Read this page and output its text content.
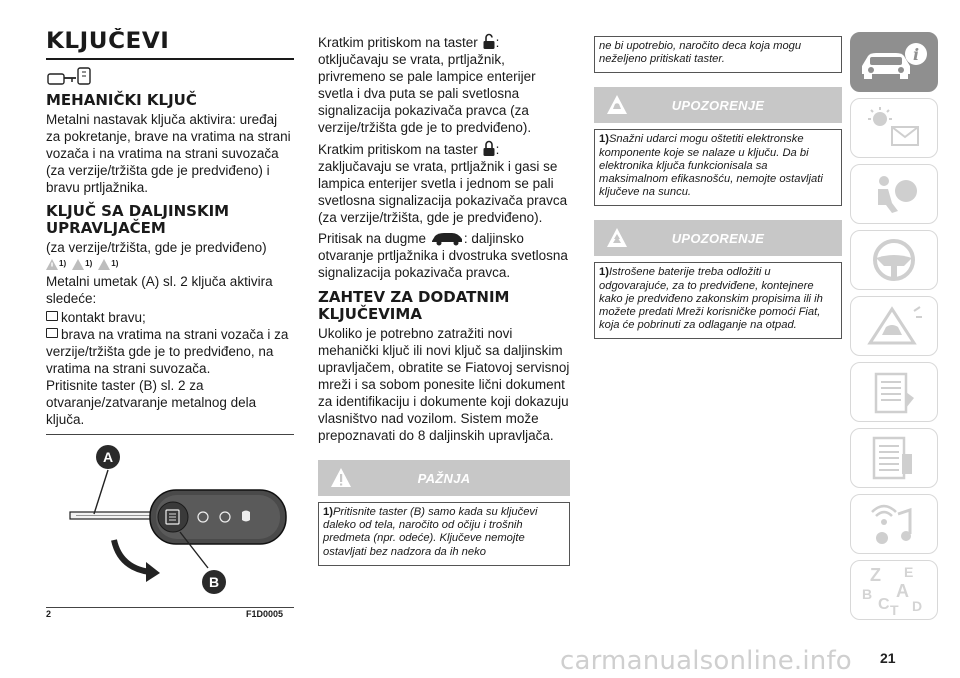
KLJUČEVI
MEHANIČKI KLJUČ

Metalni nastavak ključa aktivira: uređaj za pokretanje, brave na vratima na strani vozača i na vratima na strani suvozača (za verzije/tržišta gde je predviđeno) i bravu prtljažnika.

KLJUČ SA DALJINSKIM UPRAVLJAČEM

(za verzije/tržišta, gde je predviđeno)

1) 1) 1)

Metalni umetak (A) sl. 2 ključa aktivira sledeće:

kontakt bravu;
brava na vratima na strani vozača i za verzije/tržišta gde je to predviđeno, na vratima na strani suvozača.

Pritisnite taster (B) sl. 2 za otvaranje/zatvaranje metalnog dela ključa.

A
B
2	F1D0005

Kratkim pritiskom na taster : otključavaju se vrata, prtljažnik, privremeno se pale lampice enterijer svetla i dva puta se pali svetlosna signalizacija pokazivača pravca (za verzije/tržišta gde je to predviđeno).

Kratkim pritiskom na taster : zaključavaju se vrata, prtljažnik i gasi se lampica enterijer svetla i jednom se pali svetlosna signalizacija pokazivača pravca (za verzije/tržišta, gde je predviđeno).

Pritisak na dugme	: daljinsko otvaranje prtljažnika i dvostruka svetlosna signalizacija pokazivača pravca.

ZAHTEV ZA DODATNIM KLJUČEVIMA

Ukoliko je potrebno zatražiti novi mehanički ključ ili novi ključ sa daljinskim upravljačem, obratite se Fiatovoj servisnoj mreži i sa sobom ponesite lični dokument za identifikaciju i dokumente koji dokazuju vlasništvo nad vozilom. Sistem može prepoznavati do 8 daljinskih upravljača.

PAŽNJA
1)Pritisnite taster (B) samo kada su ključevi daleko od tela, naročito od očiju i trošnih predmeta (npr. odeće). Ključeve nemojte ostavljati bez nadzora da ih neko
ne bi upotrebio, naročito deca koja mogu neželjeno pritiskati taster.
UPOZORENJE
1)Snažni udarci mogu oštetiti elektronske komponente koje se nalaze u ključu. Da bi elektronika ključa funkcionisala sa maksimalnom efikasnošću, nemojte ostavljati ključeve na suncu.
UPOZORENJE
1)Istrošene baterije treba odložiti u odgovarajuće, za to predviđene, kontejnere kako je predviđeno zakonskim propisima ili ih možete predati Mreži korisničke pomoći Fiat, koja će pobrinuti za odlaganje na otpad.
i
Z E
A
B
C T D
carmanualsonline.info 21
